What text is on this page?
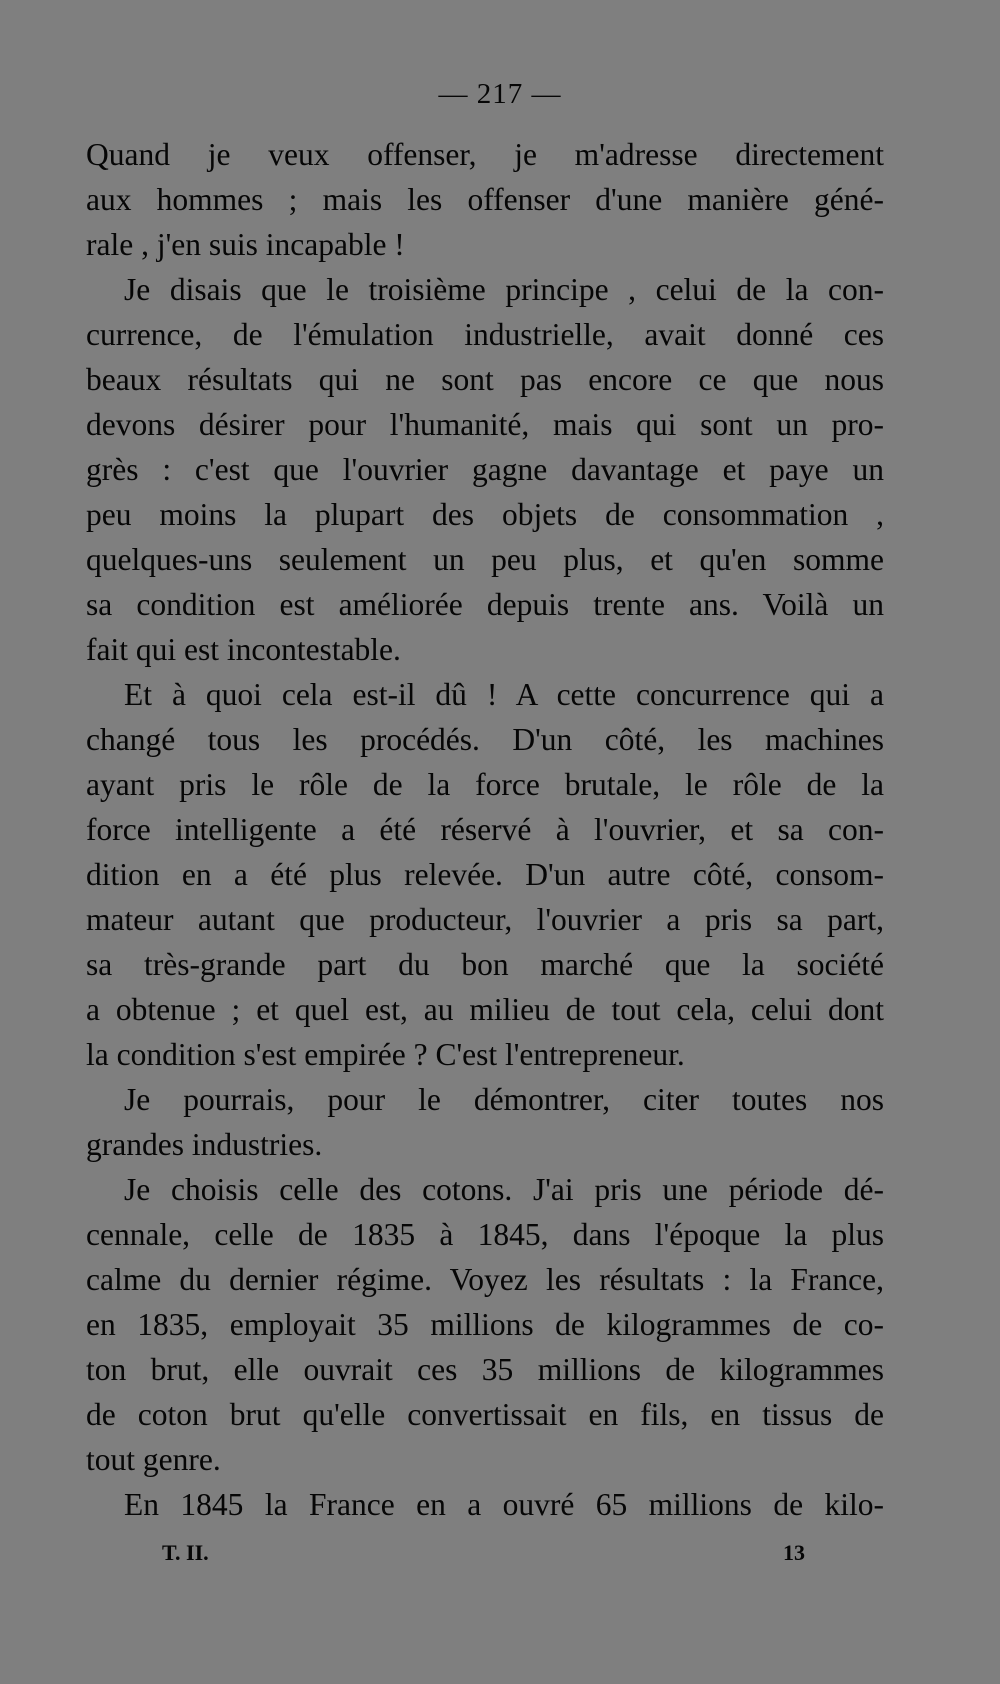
— 217 —
Quand je veux offenser, je m'adresse directement
aux hommes ; mais les offenser d'une manière géné-
rale , j'en suis incapable !
Je disais que le troisième principe , celui de la con-
currence, de l'émulation industrielle, avait donné ces
beaux résultats qui ne sont pas encore ce que nous
devons désirer pour l'humanité, mais qui sont un pro-
grès : c'est que l'ouvrier gagne davantage et paye un
peu moins la plupart des objets de consommation ,
quelques-uns seulement un peu plus, et qu'en somme
sa condition est améliorée depuis trente ans. Voilà un
fait qui est incontestable.
Et à quoi cela est-il dû ! A cette concurrence qui a
changé tous les procédés. D'un côté, les machines
ayant pris le rôle de la force brutale, le rôle de la
force intelligente a été réservé à l'ouvrier, et sa con-
dition en a été plus relevée. D'un autre côté, consom-
mateur autant que producteur, l'ouvrier a pris sa part,
sa très-grande part du bon marché que la société
a obtenue ; et quel est, au milieu de tout cela, celui dont
la condition s'est empirée ? C'est l'entrepreneur.
Je pourrais, pour le démontrer, citer toutes nos
grandes industries.
Je choisis celle des cotons. J'ai pris une période dé-
cennale, celle de 1835 à 1845, dans l'époque la plus
calme du dernier régime. Voyez les résultats : la France,
en 1835, employait 35 millions de kilogrammes de co-
ton brut, elle ouvrait ces 35 millions de kilogrammes
de coton brut qu'elle convertissait en fils, en tissus de
tout genre.
En 1845 la France en a ouvré 65 millions de kilo-
T. II.	13
